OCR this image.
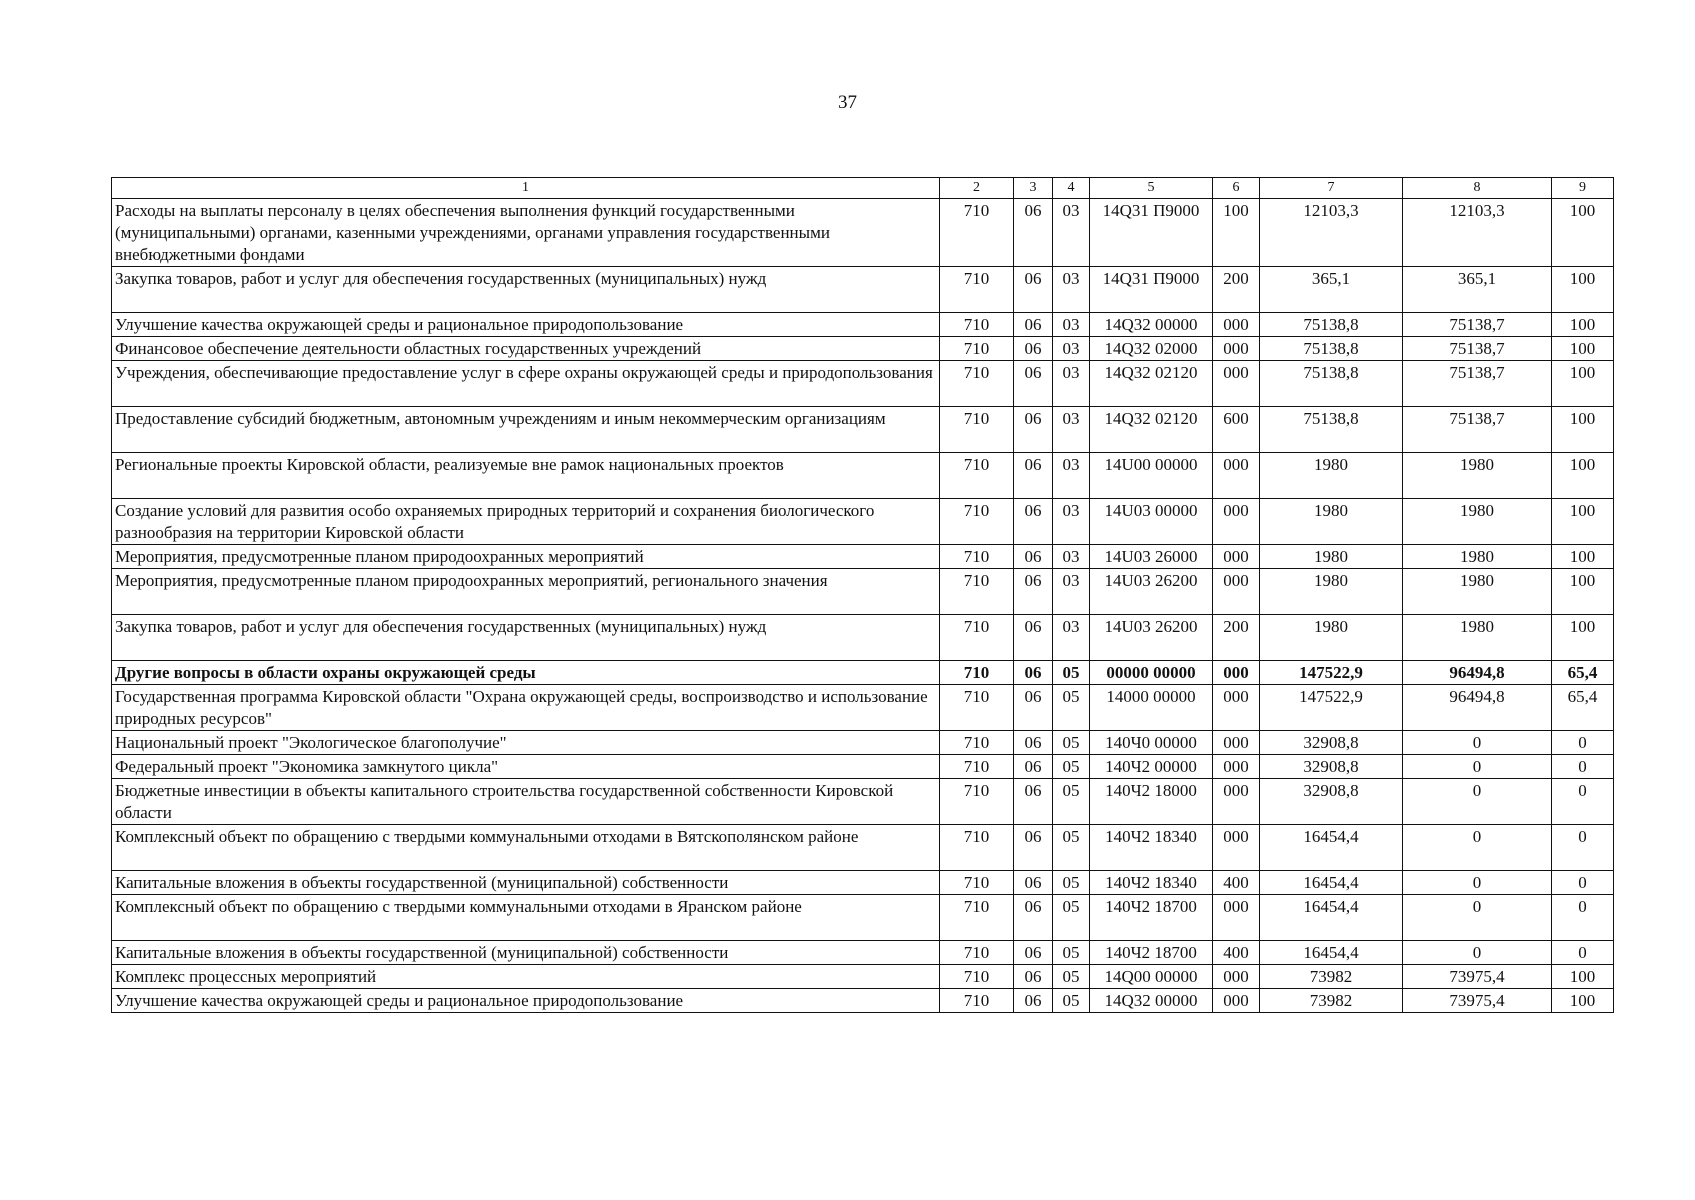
37
1	2	3	4	5	6	7	8	9
Расходы на выплаты персоналу в целях обеспечения выполнения функций государственными (муниципальными) органами, казенными учреждениями, органами управления государственными внебюджетными фондами	710	06	03	14Q31 П9000	100	12103,3	12103,3	100
Закупка товаров, работ и услуг для обеспечения государственных (муниципальных) нужд	710	06	03	14Q31 П9000	200	365,1	365,1	100
Улучшение качества окружающей среды и рациональное природопользование	710	06	03	14Q32 00000	000	75138,8	75138,7	100
Финансовое обеспечение деятельности областных государственных учреждений	710	06	03	14Q32 02000	000	75138,8	75138,7	100
Учреждения, обеспечивающие предоставление услуг в сфере охраны окружающей среды и природопользования	710	06	03	14Q32 02120	000	75138,8	75138,7	100
Предоставление субсидий бюджетным, автономным учреждениям и иным некоммерческим организациям	710	06	03	14Q32 02120	600	75138,8	75138,7	100
Региональные проекты Кировской области, реализуемые вне рамок национальных проектов	710	06	03	14U00 00000	000	1980	1980	100
Создание условий для развития особо охраняемых природных территорий и сохранения биологического разнообразия на территории Кировской области	710	06	03	14U03 00000	000	1980	1980	100
Мероприятия, предусмотренные планом природоохранных мероприятий	710	06	03	14U03 26000	000	1980	1980	100
Мероприятия, предусмотренные планом природоохранных мероприятий, регионального значения	710	06	03	14U03 26200	000	1980	1980	100
Закупка товаров, работ и услуг для обеспечения государственных (муниципальных) нужд	710	06	03	14U03 26200	200	1980	1980	100
Другие вопросы в области охраны окружающей среды	710	06	05	00000 00000	000	147522,9	96494,8	65,4
Государственная программа Кировской области "Охрана окружающей среды, воспроизводство и использование природных ресурсов"	710	06	05	14000 00000	000	147522,9	96494,8	65,4
Национальный проект "Экологическое благополучие"	710	06	05	140Ч0 00000	000	32908,8	0	0
Федеральный проект "Экономика замкнутого цикла"	710	06	05	140Ч2 00000	000	32908,8	0	0
Бюджетные инвестиции в объекты капитального строительства государственной собственности Кировской области	710	06	05	140Ч2 18000	000	32908,8	0	0
Комплексный объект по обращению с твердыми коммунальными отходами в Вятскополянском районе	710	06	05	140Ч2 18340	000	16454,4	0	0
Капитальные вложения в объекты государственной (муниципальной) собственности	710	06	05	140Ч2 18340	400	16454,4	0	0
Комплексный объект по обращению с твердыми коммунальными отходами в Яранском районе	710	06	05	140Ч2 18700	000	16454,4	0	0
Капитальные вложения в объекты государственной (муниципальной) собственности	710	06	05	140Ч2 18700	400	16454,4	0	0
Комплекс процессных мероприятий	710	06	05	14Q00 00000	000	73982	73975,4	100
Улучшение качества окружающей среды и рациональное природопользование	710	06	05	14Q32 00000	000	73982	73975,4	100
